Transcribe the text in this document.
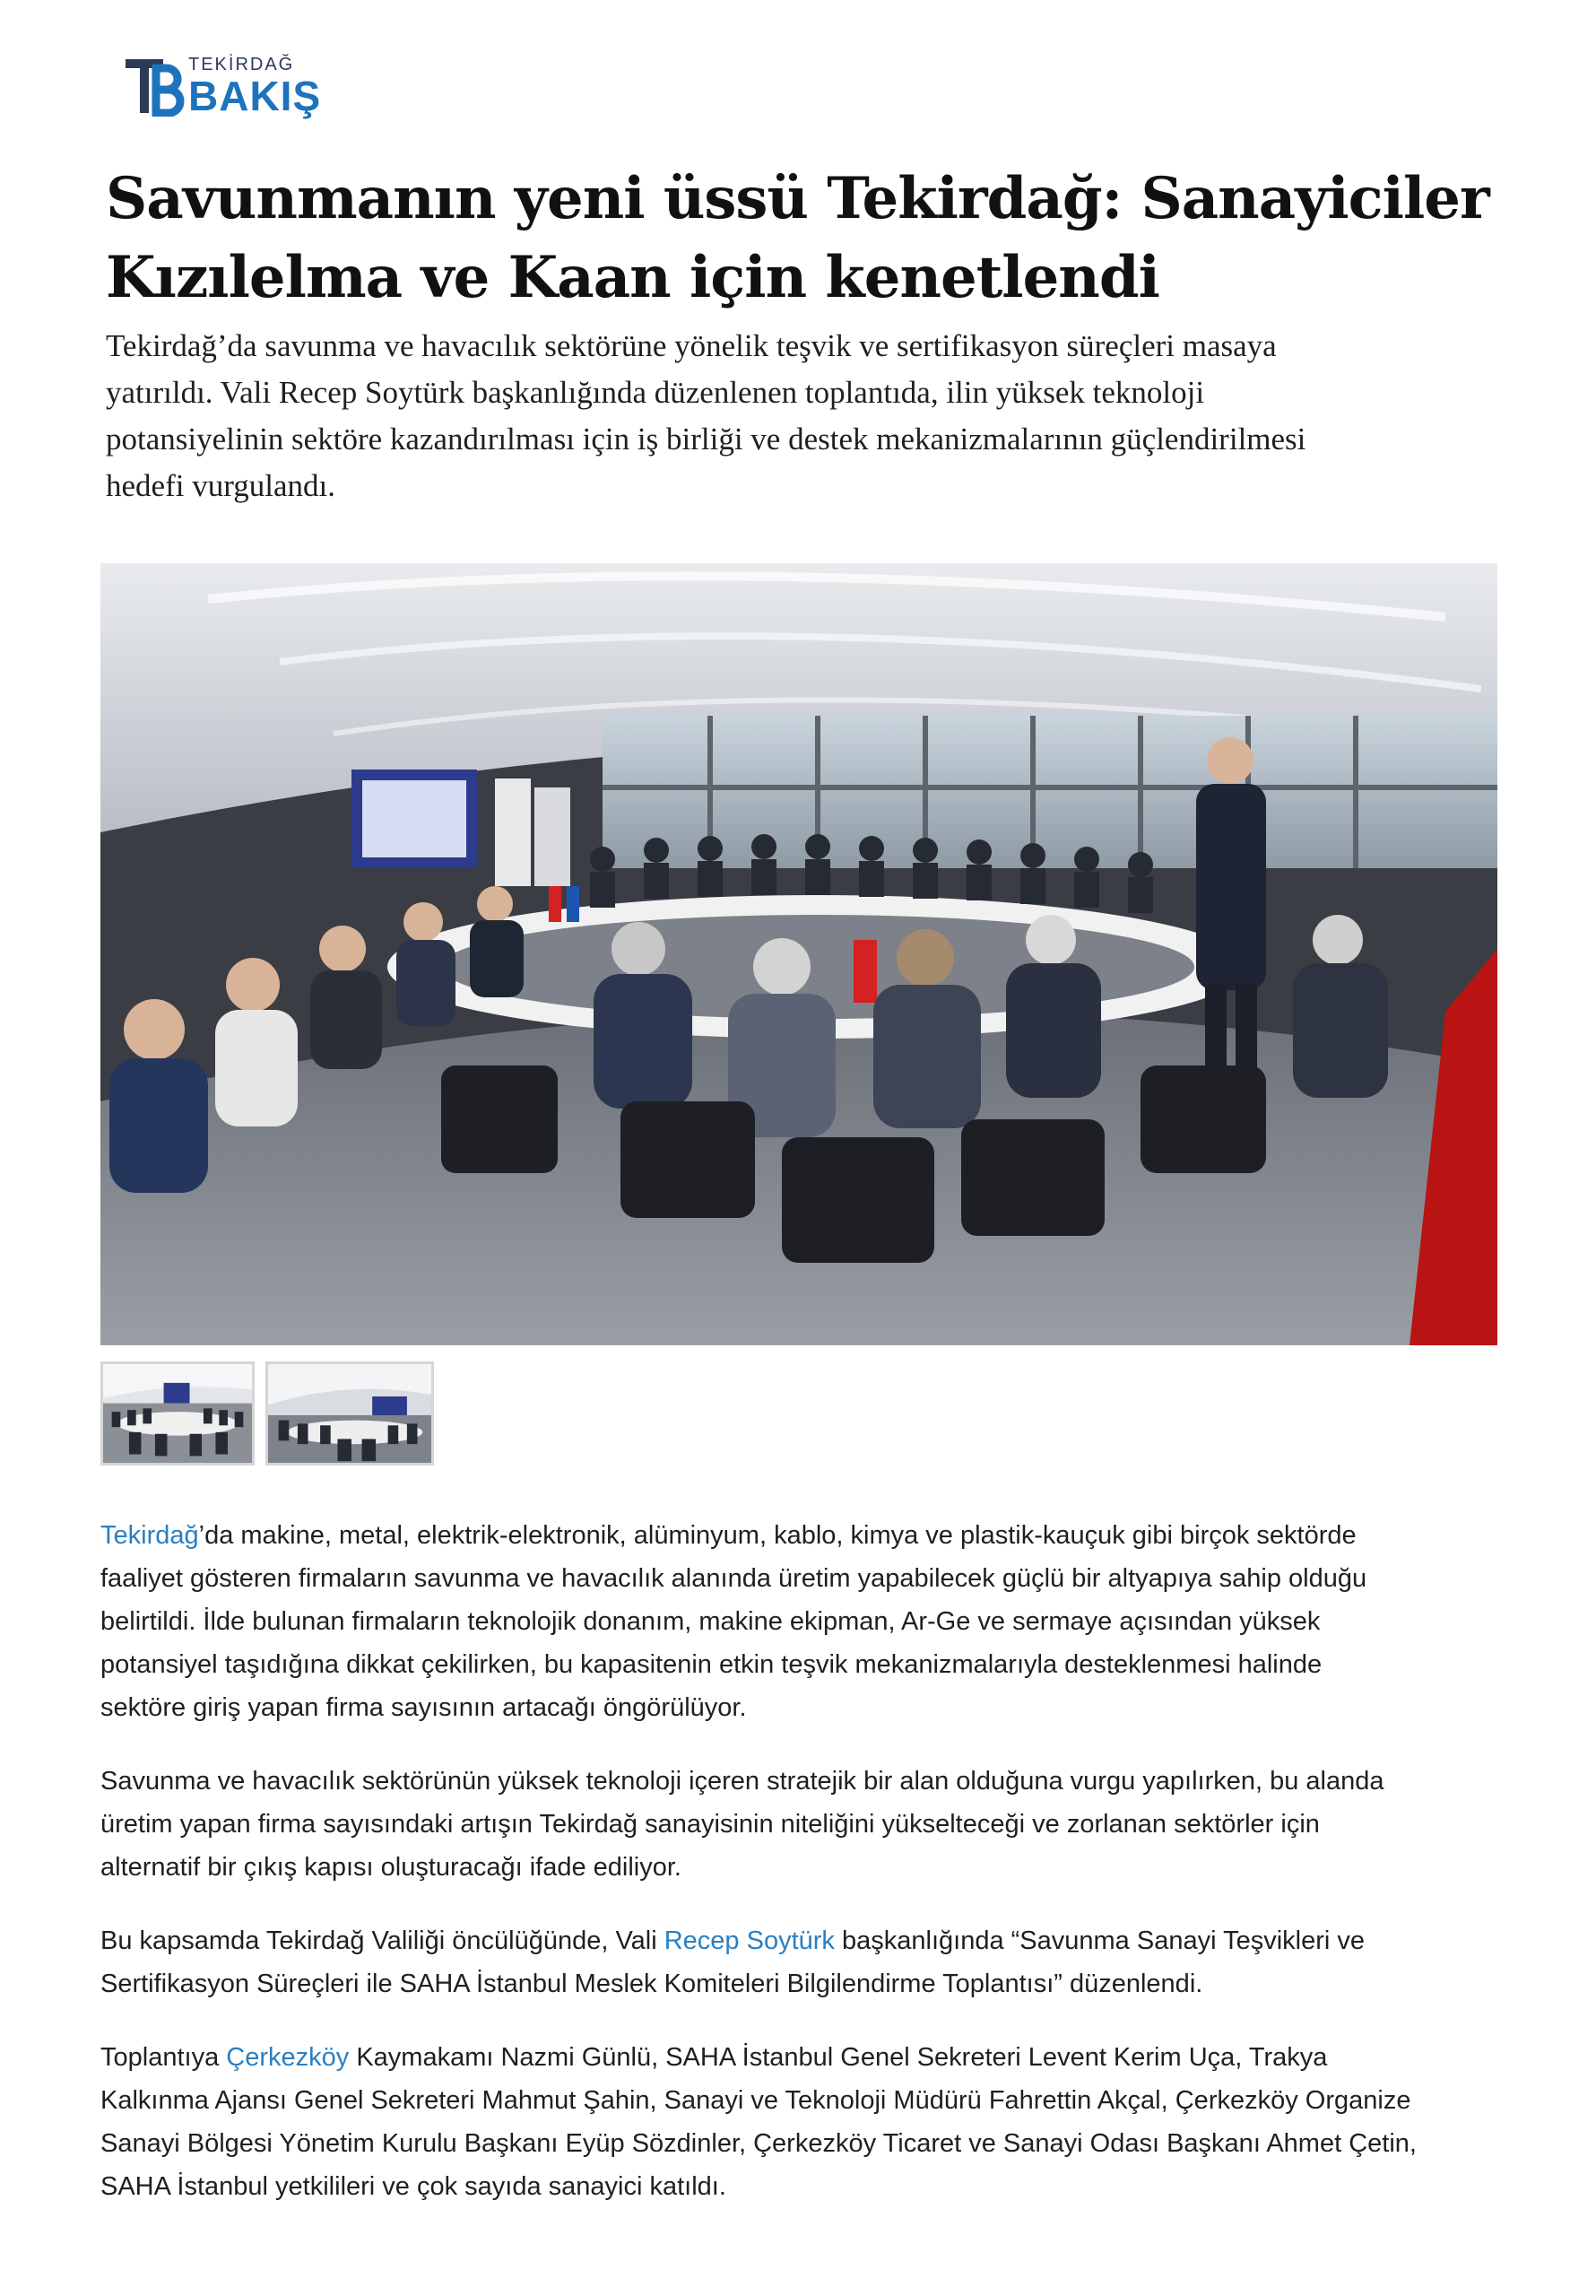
TEKİRDAĞ
BAKIŞ
Savunmanın yeni üssü Tekirdağ: Sanayiciler
Kızılelma ve Kaan için kenetlendi

Tekirdağ’da savunma ve havacılık sektörüne yönelik teşvik ve sertifikasyon süreçleri masaya
yatırıldı. Vali Recep Soytürk başkanlığında düzenlenen toplantıda, ilin yüksek teknoloji
potansiyelinin sektöre kazandırılması için iş birliği ve destek mekanizmalarının güçlendirilmesi
hedefi vurgulandı.

Tekirdağ’da makine, metal, elektrik-elektronik, alüminyum, kablo, kimya ve plastik-kauçuk gibi birçok sektörde
faaliyet gösteren firmaların savunma ve havacılık alanında üretim yapabilecek güçlü bir altyapıya sahip olduğu
belirtildi. İlde bulunan firmaların teknolojik donanım, makine ekipman, Ar-Ge ve sermaye açısından yüksek
potansiyel taşıdığına dikkat çekilirken, bu kapasitenin etkin teşvik mekanizmalarıyla desteklenmesi halinde
sektöre giriş yapan firma sayısının artacağı öngörülüyor.

Savunma ve havacılık sektörünün yüksek teknoloji içeren stratejik bir alan olduğuna vurgu yapılırken, bu alanda
üretim yapan firma sayısındaki artışın Tekirdağ sanayisinin niteliğini yükselteceği ve zorlanan sektörler için
alternatif bir çıkış kapısı oluşturacağı ifade ediliyor.

Bu kapsamda Tekirdağ Valiliği öncülüğünde, Vali Recep Soytürk başkanlığında “Savunma Sanayi Teşvikleri ve
Sertifikasyon Süreçleri ile SAHA İstanbul Meslek Komiteleri Bilgilendirme Toplantısı” düzenlendi.

Toplantıya Çerkezköy Kaymakamı Nazmi Günlü, SAHA İstanbul Genel Sekreteri Levent Kerim Uça, Trakya
Kalkınma Ajansı Genel Sekreteri Mahmut Şahin, Sanayi ve Teknoloji Müdürü Fahrettin Akçal, Çerkezköy Organize
Sanayi Bölgesi Yönetim Kurulu Başkanı Eyüp Sözdinler, Çerkezköy Ticaret ve Sanayi Odası Başkanı Ahmet Çetin,
SAHA İstanbul yetkilileri ve çok sayıda sanayici katıldı.
